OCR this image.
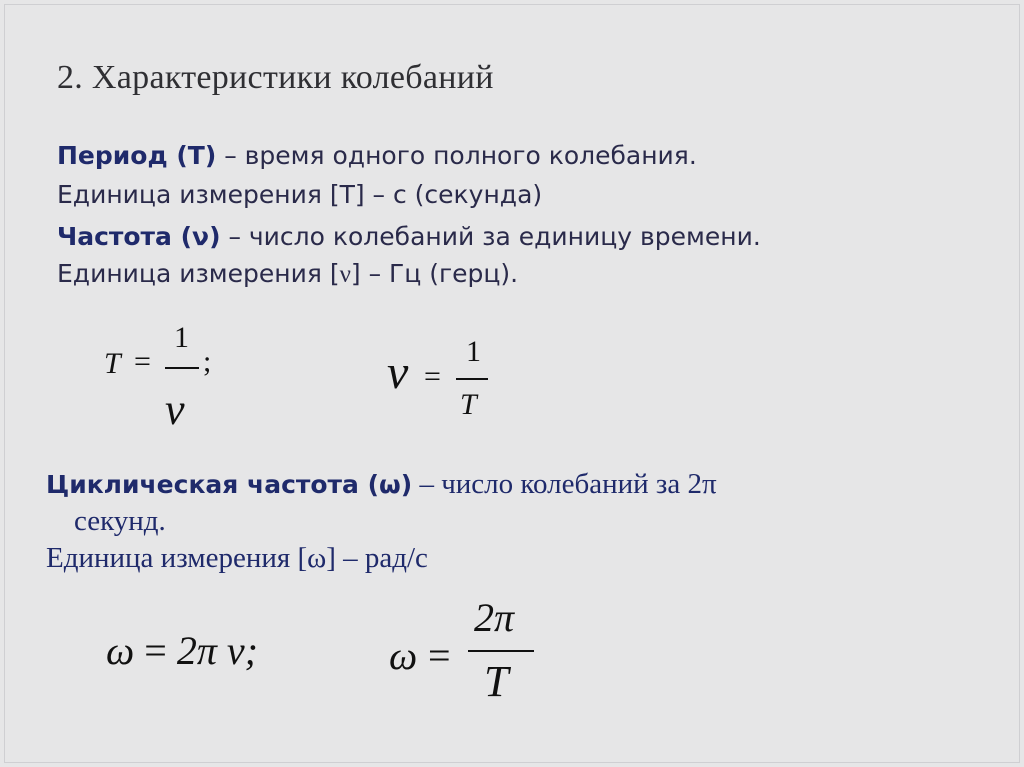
2. Характеристики колебаний
Период (Т) – время одного полного колебания.
Единица измерения [Т] – с (секунда)
Частота (ν) – число колебаний за единицу времени.
Единица измерения [ν] – Гц (герц).
T =
1
ν
;	ν =
1
T
Циклическая частота (ω) – число колебаний за 2π
секунд.
Единица измерения [ω] – рад/с
ω = 2π ν;	ω =
2π
T
